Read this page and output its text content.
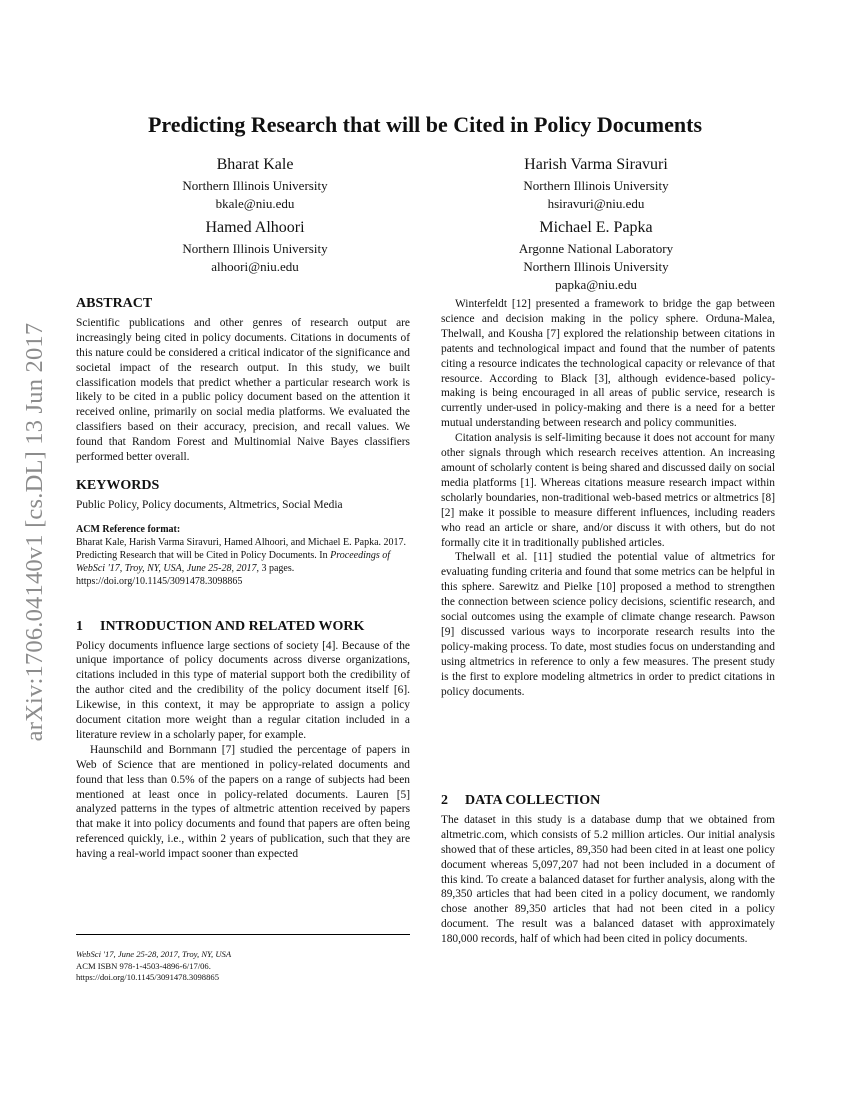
arXiv:1706.04140v1 [cs.DL] 13 Jun 2017
Predicting Research that will be Cited in Policy Documents
Bharat Kale
Northern Illinois University
bkale@niu.edu
Harish Varma Siravuri
Northern Illinois University
hsiravuri@niu.edu
Hamed Alhoori
Northern Illinois University
alhoori@niu.edu
Michael E. Papka
Argonne National Laboratory
Northern Illinois University
papka@niu.edu
ABSTRACT

Scientific publications and other genres of research output are increasingly being cited in policy documents. Citations in documents of this nature could be considered a critical indicator of the significance and societal impact of the research output. In this study, we built classification models that predict whether a particular research work is likely to be cited in a public policy document based on the attention it received online, primarily on social media platforms. We evaluated the classifiers based on their accuracy, precision, and recall values. We found that Random Forest and Multinomial Naive Bayes classifiers performed better overall.

KEYWORDS

Public Policy, Policy documents, Altmetrics, Social Media

ACM Reference format:
Bharat Kale, Harish Varma Siravuri, Hamed Alhoori, and Michael E. Papka. 2017. Predicting Research that will be Cited in Policy Documents. In Proceedings of WebSci '17, Troy, NY, USA, June 25-28, 2017, 3 pages.
https://doi.org/10.1145/3091478.3098865
1 INTRODUCTION AND RELATED WORK

Policy documents influence large sections of society [4]. Because of the unique importance of policy documents across diverse organizations, citations included in this type of material support both the credibility of the author cited and the credibility of the policy document itself [6]. Likewise, in this context, it may be appropriate to assign a policy document citation more weight than a regular citation included in a literature review in a scholarly paper, for example.

Haunschild and Bornmann [7] studied the percentage of papers in Web of Science that are mentioned in policy-related documents and found that less than 0.5% of the papers on a range of subjects had been mentioned at least once in policy-related documents. Lauren [5] analyzed patterns in the types of altmetric attention received by papers that make it into policy documents and found that papers are often being referenced quickly, i.e., within 2 years of publication, such that they are having a real-world impact sooner than expected

WebSci '17, June 25-28, 2017, Troy, NY, USA
ACM ISBN 978-1-4503-4896-6/17/06.
https://doi.org/10.1145/3091478.3098865

Winterfeldt [12] presented a framework to bridge the gap between science and decision making in the policy sphere. Orduna-Malea, Thelwall, and Kousha [7] explored the relationship between citations in patents and technological impact and found that the number of patents citing a resource indicates the technological capacity or relevance of that resource. According to Black [3], although evidence-based policy-making is being encouraged in all areas of public service, research is currently under-used in policy-making and there is a need for a better mutual understanding between research and policy communities.

Citation analysis is self-limiting because it does not account for many other signals through which research receives attention. An increasing amount of scholarly content is being shared and discussed daily on social media platforms [1]. Whereas citations measure research impact within scholarly boundaries, non-traditional web-based metrics or altmetrics [8][2] make it possible to measure different influences, including readers who read an article or share, and/or discuss it with others, but do not formally cite it in traditionally published articles.

Thelwall et al. [11] studied the potential value of altmetrics for evaluating funding criteria and found that some metrics can be helpful in this sphere. Sarewitz and Pielke [10] proposed a method to strengthen the connection between science policy decisions, scientific research, and social outcomes using the example of climate change research. Pawson [9] discussed various ways to incorporate research results into the policy-making process. To date, most studies focus on understanding and using altmetrics in reference to only a few measures. The present study is the first to explore modeling altmetrics in order to predict citations in policy documents.

2 DATA COLLECTION

The dataset in this study is a database dump that we obtained from altmetric.com, which consists of 5.2 million articles. Our initial analysis showed that of these articles, 89,350 had been cited in at least one policy document whereas 5,097,207 had not been included in a document of this kind. To create a balanced dataset for further analysis, along with the 89,350 articles that had been cited in a policy document, we randomly chose another 89,350 articles that had not been cited in a policy document. The result was a balanced dataset with approximately 180,000 records, half of which had been cited in policy documents.
